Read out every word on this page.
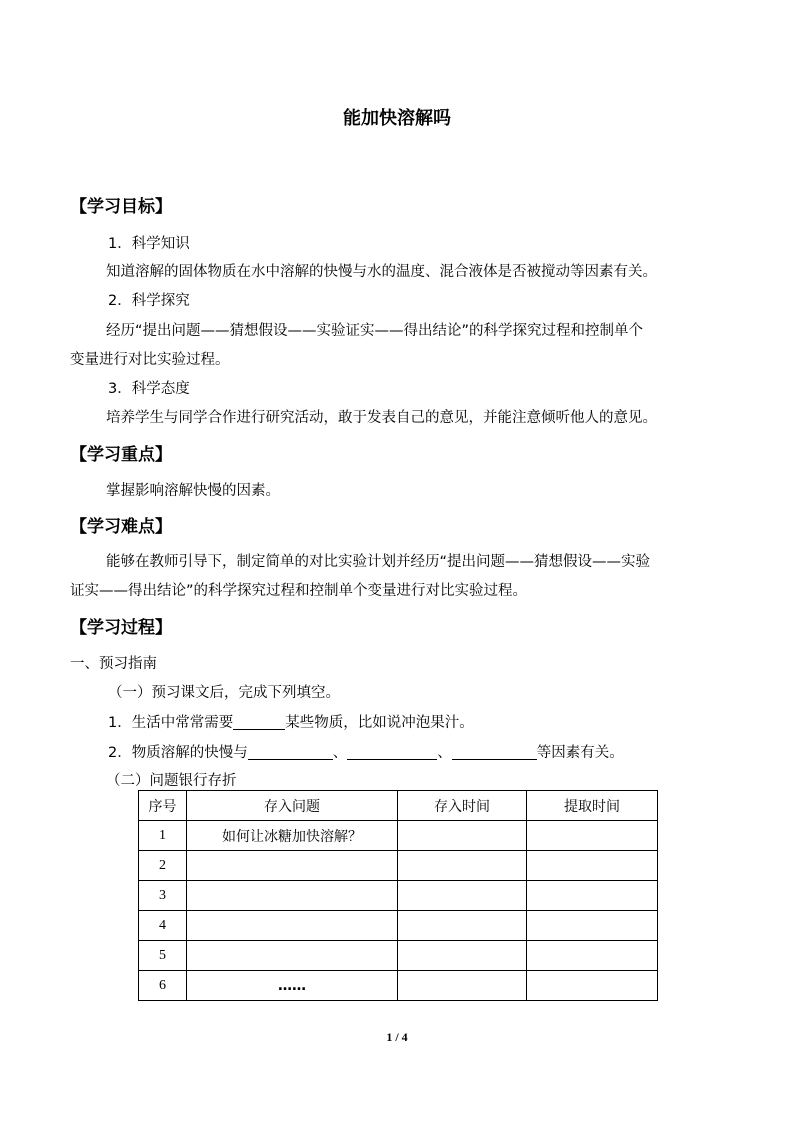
能加快溶解吗
【学习目标】
1．科学知识
知道溶解的固体物质在水中溶解的快慢与水的温度、混合液体是否被搅动等因素有关。
2．科学探究
经历“提出问题——猜想假设——实验证实——得出结论”的科学探究过程和控制单个
变量进行对比实验过程。
3．科学态度
培养学生与同学合作进行研究活动，敢于发表自己的意见，并能注意倾听他人的意见。
【学习重点】
掌握影响溶解快慢的因素。
【学习难点】
能够在教师引导下，制定简单的对比实验计划并经历“提出问题——猜想假设——实验
证实——得出结论”的科学探究过程和控制单个变量进行对比实验过程。
【学习过程】
一、预习指南
（一）预习课文后，完成下列填空。
1．生活中常常需要	某些物质，比如说冲泡果汁。
2．物质溶解的快慢与	、	、	等因素有关。
（二）问题银行存折
序号	存入问题	存入时间	提取时间
1	如何让冰糖加快溶解？		
2			
3			
4			
5			
6	……		
1 / 4
